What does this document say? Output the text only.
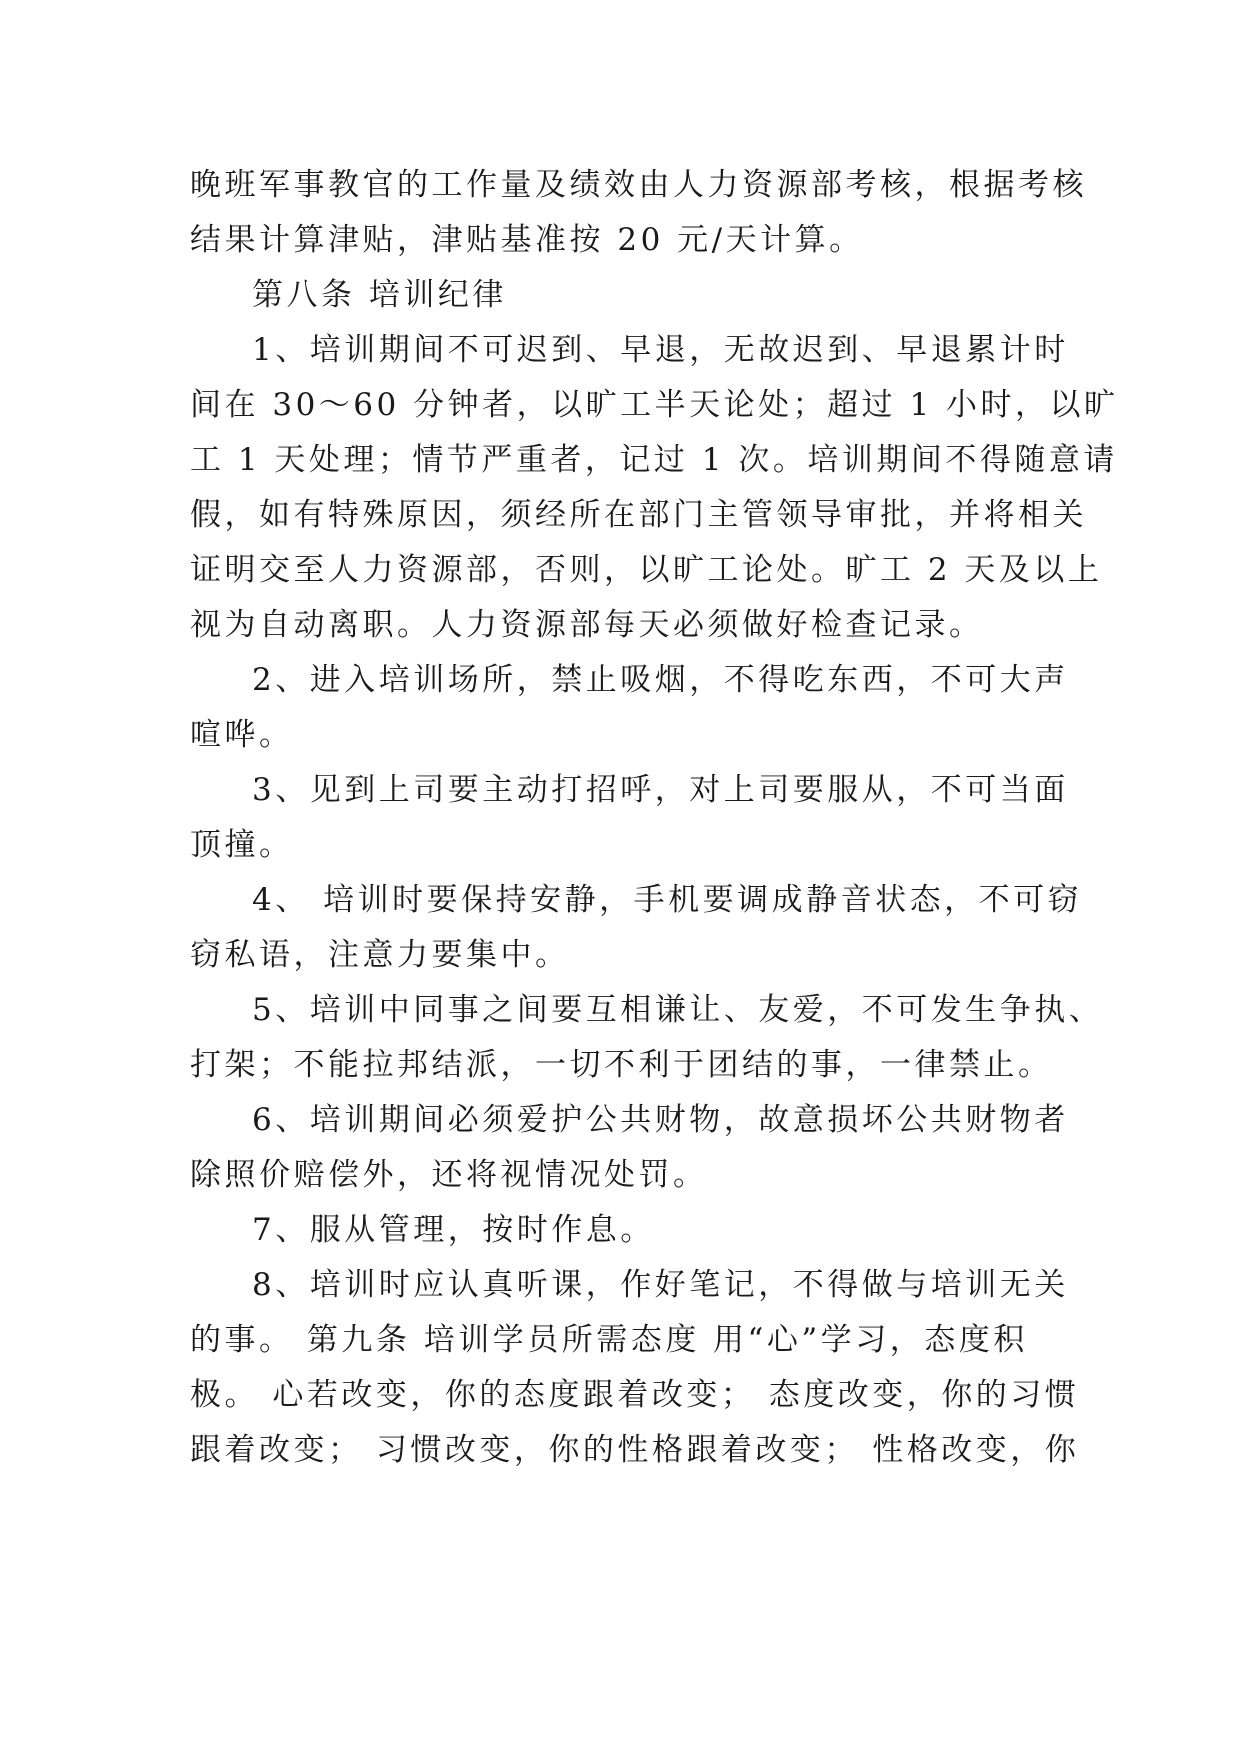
晚班军事教官的工作量及绩效由人力资源部考核，根据考核
结果计算津贴，津贴基准按 20 元/天计算。
第八条 培训纪律
1、培训期间不可迟到、早退，无故迟到、早退累计时
间在 30～60 分钟者，以旷工半天论处；超过 1 小时，以旷
工 1 天处理；情节严重者，记过 1 次。培训期间不得随意请
假，如有特殊原因，须经所在部门主管领导审批，并将相关
证明交至人力资源部，否则，以旷工论处。旷工 2 天及以上
视为自动离职。人力资源部每天必须做好检查记录。
2、进入培训场所，禁止吸烟，不得吃东西，不可大声
喧哗。
3、见到上司要主动打招呼，对上司要服从，不可当面
顶撞。
4、 培训时要保持安静，手机要调成静音状态，不可窃
窃私语，注意力要集中。
5、培训中同事之间要互相谦让、友爱，不可发生争执、
打架；不能拉邦结派，一切不利于团结的事，一律禁止。
6、培训期间必须爱护公共财物，故意损坏公共财物者
除照价赔偿外，还将视情况处罚。
7、服从管理，按时作息。
8、培训时应认真听课，作好笔记，不得做与培训无关
的事。 第九条 培训学员所需态度 用“心”学习，态度积
极。 心若改变，你的态度跟着改变； 态度改变，你的习惯
跟着改变； 习惯改变，你的性格跟着改变； 性格改变，你
